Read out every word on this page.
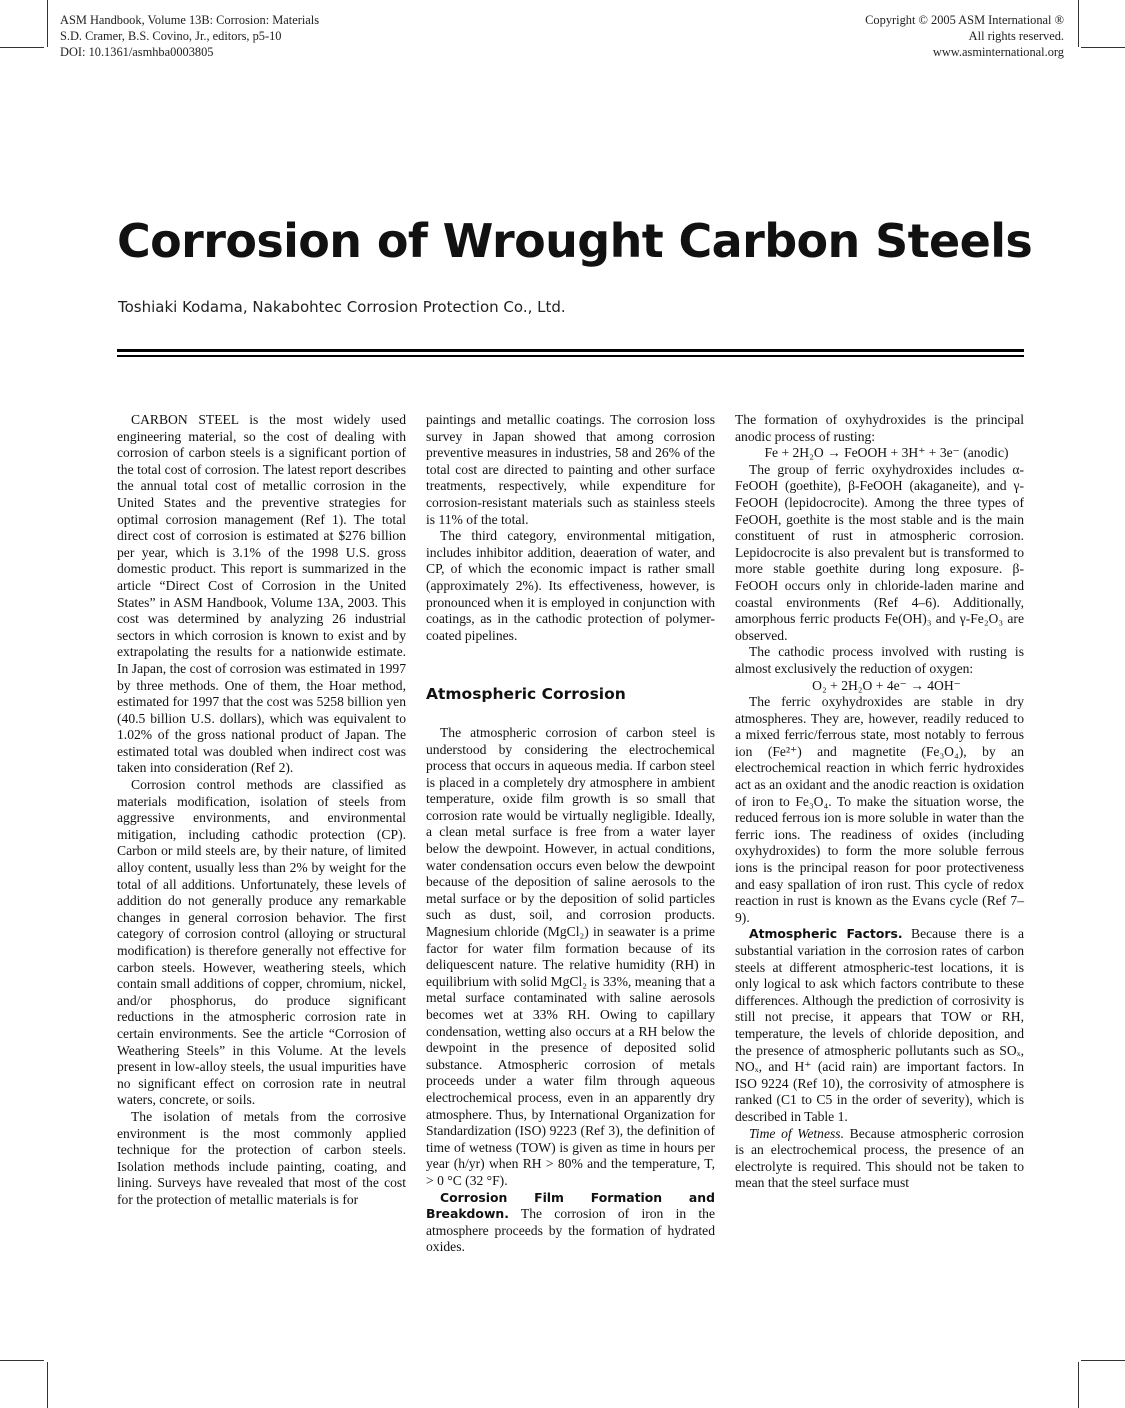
ASM Handbook, Volume 13B: Corrosion: Materials
S.D. Cramer, B.S. Covino, Jr., editors, p5-10
DOI: 10.1361/asmhba0003805
Copyright © 2005 ASM International ®
All rights reserved.
www.asminternational.org
Corrosion of Wrought Carbon Steels
Toshiaki Kodama, Nakabohtec Corrosion Protection Co., Ltd.

CARBON STEEL is the most widely used engineering material, so the cost of dealing with corrosion of carbon steels is a significant portion of the total cost of corrosion. The latest report describes the annual total cost of metallic corrosion in the United States and the preventive strategies for optimal corrosion management (Ref 1). The total direct cost of corrosion is estimated at $276 billion per year, which is 3.1% of the 1998 U.S. gross domestic product. This report is summarized in the article “Direct Cost of Corrosion in the United States” in ASM Handbook, Volume 13A, 2003. This cost was determined by analyzing 26 industrial sectors in which corrosion is known to exist and by extrapolating the results for a nationwide estimate. In Japan, the cost of corrosion was estimated in 1997 by three methods. One of them, the Hoar method, estimated for 1997 that the cost was 5258 billion yen (40.5 billion U.S. dollars), which was equivalent to 1.02% of the gross national product of Japan. The estimated total was doubled when indirect cost was taken into consideration (Ref 2).

Corrosion control methods are classified as materials modification, isolation of steels from aggressive environments, and environmental mitigation, including cathodic protection (CP). Carbon or mild steels are, by their nature, of limited alloy content, usually less than 2% by weight for the total of all additions. Unfortunately, these levels of addition do not generally produce any remarkable changes in general corrosion behavior. The first category of corrosion control (alloying or structural modification) is therefore generally not effective for carbon steels. However, weathering steels, which contain small additions of copper, chromium, nickel, and/or phosphorus, do produce significant reductions in the atmospheric corrosion rate in certain environments. See the article “Corrosion of Weathering Steels” in this Volume. At the levels present in low-alloy steels, the usual impurities have no significant effect on corrosion rate in neutral waters, concrete, or soils.

The isolation of metals from the corrosive environment is the most commonly applied technique for the protection of carbon steels. Isolation methods include painting, coating, and lining. Surveys have revealed that most of the cost for the protection of metallic materials is for

paintings and metallic coatings. The corrosion loss survey in Japan showed that among corrosion preventive measures in industries, 58 and 26% of the total cost are directed to painting and other surface treatments, respectively, while expenditure for corrosion-resistant materials such as stainless steels is 11% of the total.

The third category, environmental mitigation, includes inhibitor addition, deaeration of water, and CP, of which the economic impact is rather small (approximately 2%). Its effectiveness, however, is pronounced when it is employed in conjunction with coatings, as in the cathodic protection of polymer-coated pipelines.

Atmospheric Corrosion

The atmospheric corrosion of carbon steel is understood by considering the electrochemical process that occurs in aqueous media. If carbon steel is placed in a completely dry atmosphere in ambient temperature, oxide film growth is so small that corrosion rate would be virtually negligible. Ideally, a clean metal surface is free from a water layer below the dewpoint. However, in actual conditions, water condensation occurs even below the dewpoint because of the deposition of saline aerosols to the metal surface or by the deposition of solid particles such as dust, soil, and corrosion products. Magnesium chloride (MgCl₂) in seawater is a prime factor for water film formation because of its deliquescent nature. The relative humidity (RH) in equilibrium with solid MgCl₂ is 33%, meaning that a metal surface contaminated with saline aerosols becomes wet at 33% RH. Owing to capillary condensation, wetting also occurs at a RH below the dewpoint in the presence of deposited solid substance. Atmospheric corrosion of metals proceeds under a water film through aqueous electrochemical process, even in an apparently dry atmosphere. Thus, by International Organization for Standardization (ISO) 9223 (Ref 3), the definition of time of wetness (TOW) is given as time in hours per year (h/yr) when RH > 80% and the temperature, T, > 0 °C (32 °F).

Corrosion Film Formation and Breakdown. The corrosion of iron in the atmosphere proceeds by the formation of hydrated oxides.

The formation of oxyhydroxides is the principal anodic process of rusting:

Fe + 2H₂O → FeOOH + 3H⁺ + 3e⁻ (anodic)

The group of ferric oxyhydroxides includes α-FeOOH (goethite), β-FeOOH (akaganeite), and γ-FeOOH (lepidocrocite). Among the three types of FeOOH, goethite is the most stable and is the main constituent of rust in atmospheric corrosion. Lepidocrocite is also prevalent but is transformed to more stable goethite during long exposure. β-FeOOH occurs only in chloride-laden marine and coastal environments (Ref 4–6). Additionally, amorphous ferric products Fe(OH)₃ and γ-Fe₂O₃ are observed.

The cathodic process involved with rusting is almost exclusively the reduction of oxygen:

O₂ + 2H₂O + 4e⁻ → 4OH⁻

The ferric oxyhydroxides are stable in dry atmospheres. They are, however, readily reduced to a mixed ferric/ferrous state, most notably to ferrous ion (Fe²⁺) and magnetite (Fe₃O₄), by an electrochemical reaction in which ferric hydroxides act as an oxidant and the anodic reaction is oxidation of iron to Fe₃O₄. To make the situation worse, the reduced ferrous ion is more soluble in water than the ferric ions. The readiness of oxides (including oxyhydroxides) to form the more soluble ferrous ions is the principal reason for poor protectiveness and easy spallation of iron rust. This cycle of redox reaction in rust is known as the Evans cycle (Ref 7–9).

Atmospheric Factors. Because there is a substantial variation in the corrosion rates of carbon steels at different atmospheric-test locations, it is only logical to ask which factors contribute to these differences. Although the prediction of corrosivity is still not precise, it appears that TOW or RH, temperature, the levels of chloride deposition, and the presence of atmospheric pollutants such as SOₓ, NOₓ, and H⁺ (acid rain) are important factors. In ISO 9224 (Ref 10), the corrosivity of atmosphere is ranked (C1 to C5 in the order of severity), which is described in Table 1.

Time of Wetness. Because atmospheric corrosion is an electrochemical process, the presence of an electrolyte is required. This should not be taken to mean that the steel surface must
